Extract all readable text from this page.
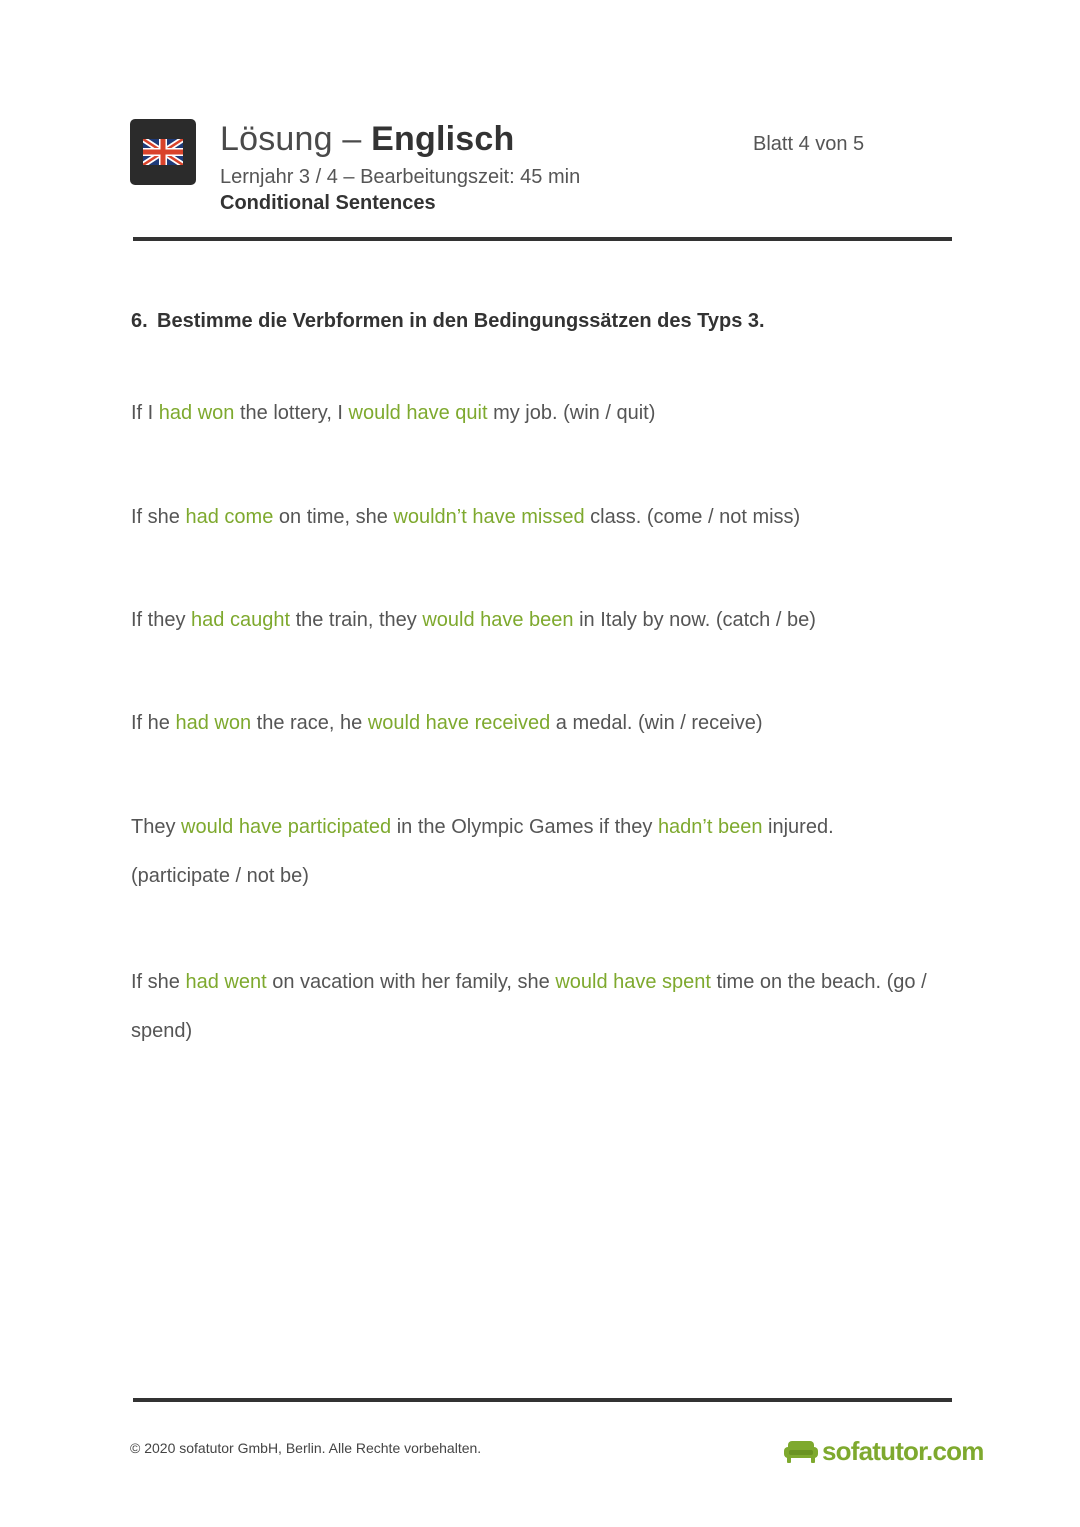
Lösung – Englisch
Lernjahr 3 / 4 – Bearbeitungszeit: 45 min
Conditional Sentences
Blatt 4 von 5
6. Bestimme die Verbformen in den Bedingungssätzen des Typs 3.
If I had won the lottery, I would have quit my job. (win / quit)
If she had come on time, she wouldn’t have missed class. (come / not miss)
If they had caught the train, they would have been in Italy by now. (catch / be)
If he had won the race, he would have received a medal. (win / receive)
They would have participated in the Olympic Games if they hadn’t been injured. (participate / not be)
If she had went on vacation with her family, she would have spent time on the beach. (go / spend)
© 2020 sofatutor GmbH, Berlin. Alle Rechte vorbehalten.	sofatutor.com
